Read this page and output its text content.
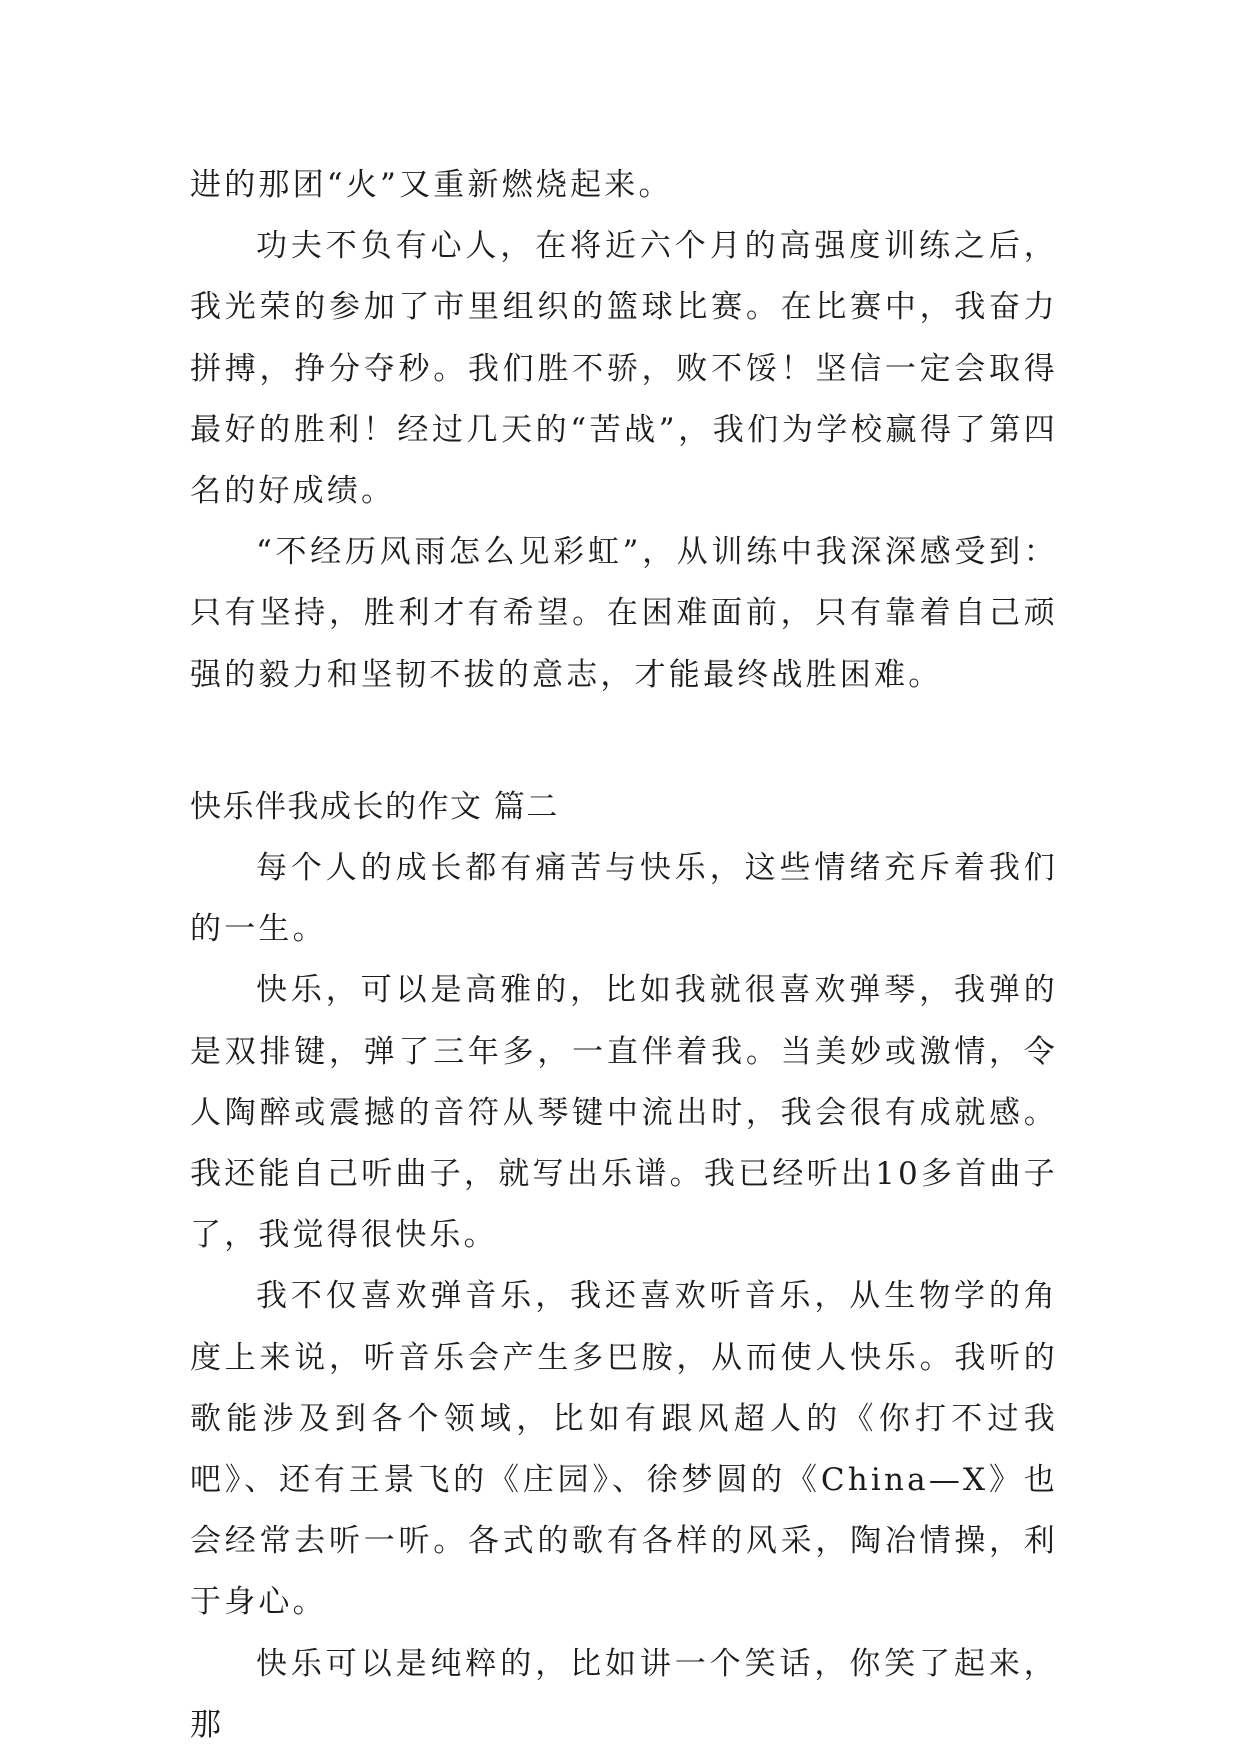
进的那团“火”又重新燃烧起来。

功夫不负有心人，在将近六个月的高强度训练之后，我光荣的参加了市里组织的篮球比赛。在比赛中，我奋力拼搏，挣分夺秒。我们胜不骄，败不馁！坚信一定会取得最好的胜利！经过几天的“苦战”，我们为学校赢得了第四名的好成绩。

“不经历风雨怎么见彩虹”，从训练中我深深感受到：只有坚持，胜利才有希望。在困难面前，只有靠着自己顽强的毅力和坚韧不拔的意志，才能最终战胜困难。

快乐伴我成长的作文 篇二

每个人的成长都有痛苦与快乐，这些情绪充斥着我们的一生。

快乐，可以是高雅的，比如我就很喜欢弹琴，我弹的是双排键，弹了三年多，一直伴着我。当美妙或激情，令人陶醉或震撼的音符从琴键中流出时，我会很有成就感。我还能自己听曲子，就写出乐谱。我已经听出10多首曲子了，我觉得很快乐。

我不仅喜欢弹音乐，我还喜欢听音乐，从生物学的角度上来说，听音乐会产生多巴胺，从而使人快乐。我听的歌能涉及到各个领域，比如有跟风超人的《你打不过我吧》、还有王景飞的《庄园》、徐梦圆的《China—X》也会经常去听一听。各式的歌有各样的风采，陶冶情操，利于身心。

快乐可以是纯粹的，比如讲一个笑话，你笑了起来，那
